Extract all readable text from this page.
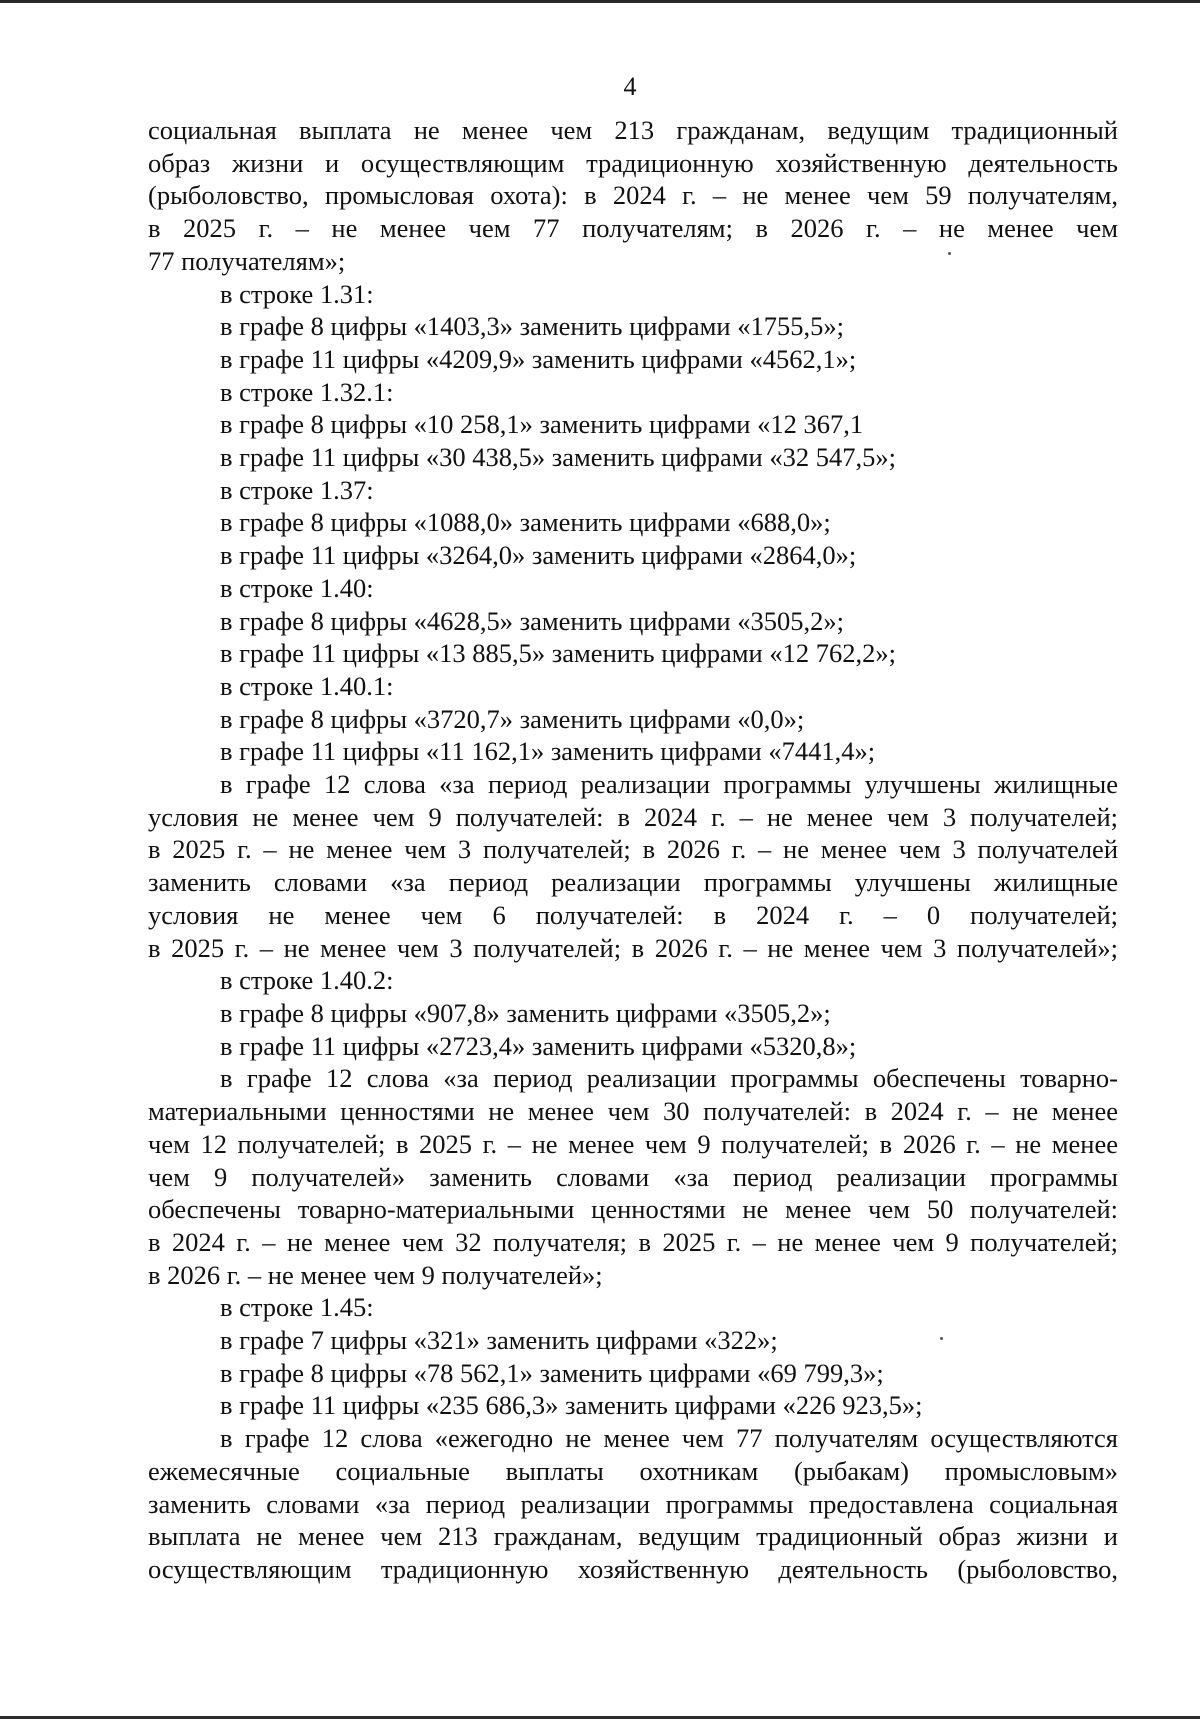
4

социальная выплата не менее чем 213 гражданам, ведущим традиционный

образ жизни и осуществляющим традиционную хозяйственную деятельность

(рыболовство, промысловая охота): в 2024 г. – не менее чем 59 получателям,

в 2025 г. – не менее чем 77 получателям; в 2026 г. – не менее чем

77 получателям»;

в строке 1.31:

в графе 8 цифры «1403,3» заменить цифрами «1755,5»;

в графе 11 цифры «4209,9» заменить цифрами «4562,1»;

в строке 1.32.1:

в графе 8 цифры «10 258,1» заменить цифрами «12 367,1

в графе 11 цифры «30 438,5» заменить цифрами «32 547,5»;

в строке 1.37:

в графе 8 цифры «1088,0» заменить цифрами «688,0»;

в графе 11 цифры «3264,0» заменить цифрами «2864,0»;

в строке 1.40:

в графе 8 цифры «4628,5» заменить цифрами «3505,2»;

в графе 11 цифры «13 885,5» заменить цифрами «12 762,2»;

в строке 1.40.1:

в графе 8 цифры «3720,7» заменить цифрами «0,0»;

в графе 11 цифры «11 162,1» заменить цифрами «7441,4»;

в графе 12 слова «за период реализации программы улучшены жилищные

условия не менее чем 9 получателей: в 2024 г. – не менее чем 3 получателей;

в 2025 г. – не менее чем 3 получателей; в 2026 г. – не менее чем 3 получателей

заменить словами «за период реализации программы улучшены жилищные

условия не менее чем 6 получателей: в 2024 г. – 0 получателей;

в 2025 г. – не менее чем 3 получателей; в 2026 г. – не менее чем 3 получателей»;

в строке 1.40.2:

в графе 8 цифры «907,8» заменить цифрами «3505,2»;

в графе 11 цифры «2723,4» заменить цифрами «5320,8»;

в графе 12 слова «за период реализации программы обеспечены товарно-

материальными ценностями не менее чем 30 получателей: в 2024 г. – не менее

чем 12 получателей; в 2025 г. – не менее чем 9 получателей; в 2026 г. – не менее

чем 9 получателей» заменить словами «за период реализации программы

обеспечены товарно-материальными ценностями не менее чем 50 получателей:

в 2024 г. – не менее чем 32 получателя; в 2025 г. – не менее чем 9 получателей;

в 2026 г. – не менее чем 9 получателей»;

в строке 1.45:

в графе 7 цифры «321» заменить цифрами «322»;

в графе 8 цифры «78 562,1» заменить цифрами «69 799,3»;

в графе 11 цифры «235 686,3» заменить цифрами «226 923,5»;

в графе 12 слова «ежегодно не менее чем 77 получателям осуществляются

ежемесячные социальные выплаты охотникам (рыбакам) промысловым»

заменить словами «за период реализации программы предоставлена социальная

выплата не менее чем 213 гражданам, ведущим традиционный образ жизни и

осуществляющим традиционную хозяйственную деятельность (рыболовство,
